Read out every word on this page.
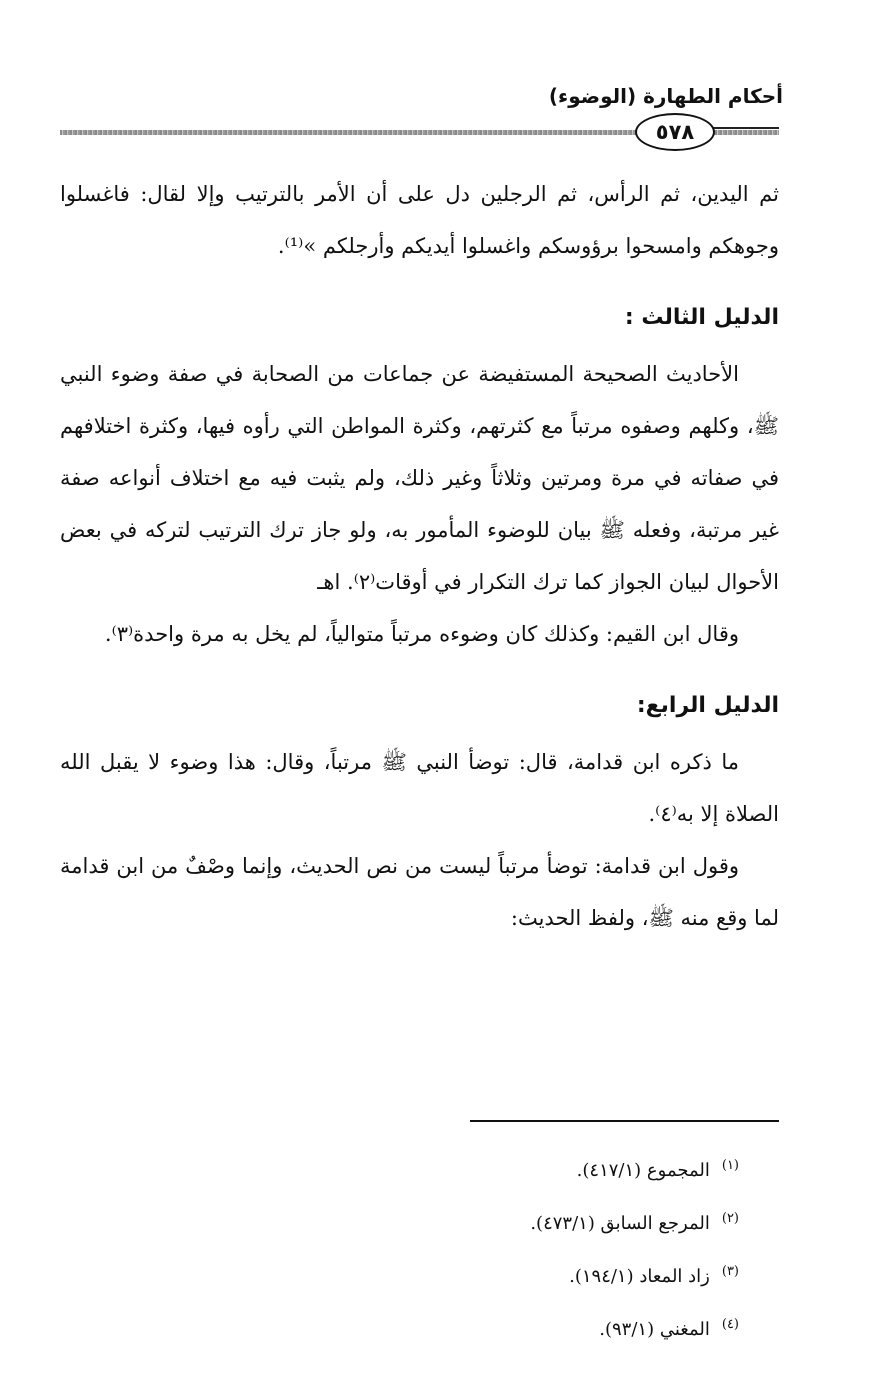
أحكام الطهارة (الوضوء)
٥٧٨

ثم اليدين، ثم الرأس، ثم الرجلين دل على أن الأمر بالترتيب وإلا لقال: فاغسلوا وجوهكم وامسحوا برؤوسكم واغسلوا أيديكم وأرجلكم »⁽¹⁾.

الدليل الثالث :

الأحاديث الصحيحة المستفيضة عن جماعات من الصحابة في صفة وضوء النبي ﷺ، وكلهم وصفوه مرتباً مع كثرتهم، وكثرة المواطن التي رأوه فيها، وكثرة اختلافهم في صفاته في مرة ومرتين وثلاثاً وغير ذلك، ولم يثبت فيه مع اختلاف أنواعه صفة غير مرتبة، وفعله ﷺ بيان للوضوء المأمور به، ولو جاز ترك الترتيب لتركه في بعض الأحوال لبيان الجواز كما ترك التكرار في أوقات⁽٢⁾. اهـ

وقال ابن القيم: وكذلك كان وضوءه مرتباً متوالياً، لم يخل به مرة واحدة⁽٣⁾.

الدليل الرابع:

ما ذكره ابن قدامة، قال: توضأ النبي ﷺ مرتباً، وقال: هذا وضوء لا يقبل الله الصلاة إلا به⁽٤⁾.

وقول ابن قدامة: توضأ مرتباً ليست من نص الحديث، وإنما وصْفٌ من ابن قدامة لما وقع منه ﷺ، ولفظ الحديث:

$^{(١)}$المجموع (٤١٧/١).

$^{(٢)}$المرجع السابق (٤٧٣/١).

$^{(٣)}$زاد المعاد (١٩٤/١).

$^{(٤)}$المغني (٩٣/١).
